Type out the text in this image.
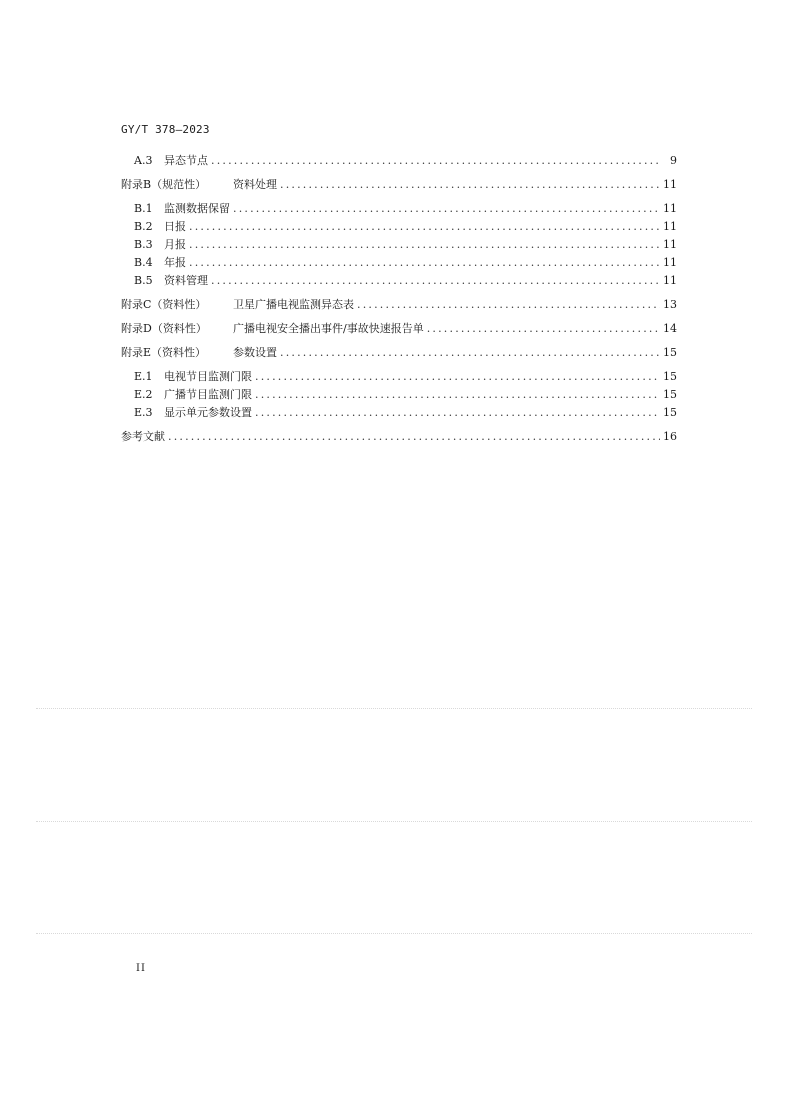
GY/T 378—2023
A.3	异态节点 .....	9
附录B（规范性）	资料处理 .....	11
B.1	监测数据保留 .....	11
B.2	日报 .....	11
B.3	月报 .....	11
B.4	年报 .....	11
B.5	资料管理 .....	11
附录C（资料性）	卫星广播电视监测异态表 .....	13
附录D（资料性）	广播电视安全播出事件/事故快速报告单 .....	14
附录E（资料性）	参数设置 .....	15
E.1	电视节目监测门限 .....	15
E.2	广播节目监测门限 .....	15
E.3	显示单元参数设置 .....	15
参考文献 .....	16
II
